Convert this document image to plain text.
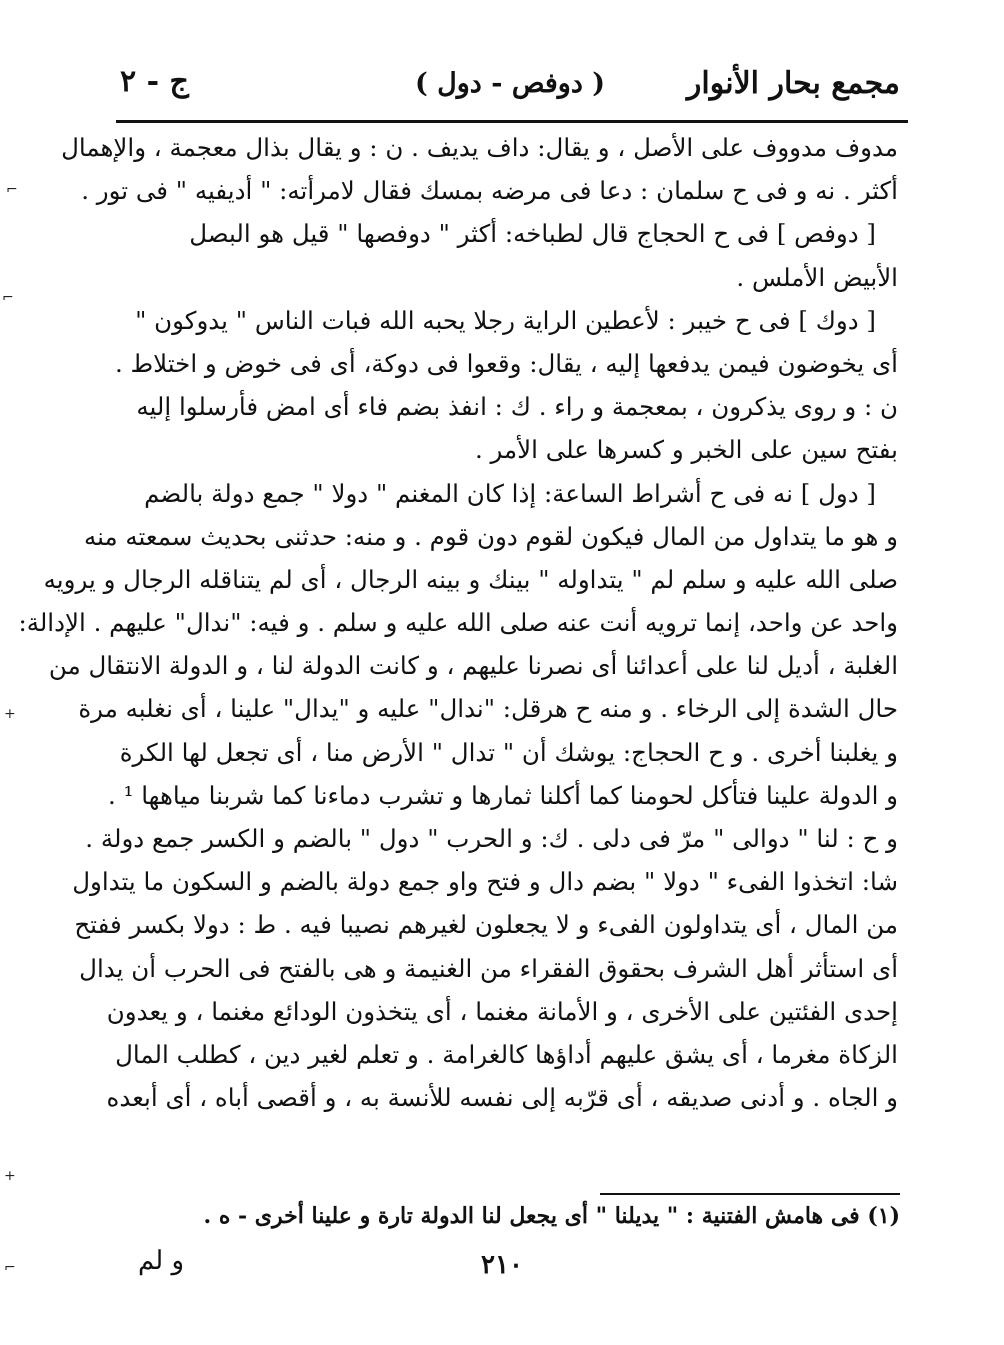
مجمع بحار الأنوار
( دوفص - دول )
ج - ٢
مدوف مدووف على الأصل ، و يقال: داف يديف . ن : و يقال بذال معجمة ، والإهمال
أكثر . نه و فى ح سلمان : دعا فى مرضه بمسك فقال لامرأته: " أديفيه " فى تور .
[ دوفص ] فى ح الحجاج قال لطباخه: أكثر " دوفصها " قيل هو البصل
الأبيض الأملس .
[ دوك ] فى ح خيبر : لأعطين الراية رجلا يحبه الله فبات الناس " يدوكون "
أى يخوضون فيمن يدفعها إليه ، يقال: وقعوا فى دوكة، أى فى خوض و اختلاط .
ن : و روى يذكرون ، بمعجمة و راء . ك : انفذ بضم فاء أى امض فأرسلوا إليه
بفتح سين على الخبر و كسرها على الأمر .
[ دول ] نه فى ح أشراط الساعة: إذا كان المغنم " دولا " جمع دولة بالضم
و هو ما يتداول من المال فيكون لقوم دون قوم . و منه: حدثنى بحديث سمعته منه
صلى الله عليه و سلم لم " يتداوله " بينك و بينه الرجال ، أى لم يتناقله الرجال و يرويه
واحد عن واحد، إنما ترويه أنت عنه صلى الله عليه و سلم . و فيه: "ندال" عليهم . الإدالة:
الغلبة ، أديل لنا على أعدائنا أى نصرنا عليهم ، و كانت الدولة لنا ، و الدولة الانتقال من
حال الشدة إلى الرخاء . و منه ح هرقل: "ندال" عليه و "يدال" علينا ، أى نغلبه مرة
و يغلبنا أخرى . و ح الحجاج: يوشك أن " تدال " الأرض منا ، أى تجعل لها الكرة
و الدولة علينا فتأكل لحومنا كما أكلنا ثمارها و تشرب دماءنا كما شربنا مياهها ¹ .
و ح : لنا " دوالى " مرّ فى دلى . ك: و الحرب " دول " بالضم و الكسر جمع دولة .
شا: اتخذوا الفىء " دولا " بضم دال و فتح واو جمع دولة بالضم و السكون ما يتداول
من المال ، أى يتداولون الفىء و لا يجعلون لغيرهم نصيبا فيه . ط : دولا بكسر ففتح
أى استأثر أهل الشرف بحقوق الفقراء من الغنيمة و هى بالفتح فى الحرب أن يدال
إحدى الفئتين على الأخرى ، و الأمانة مغنما ، أى يتخذون الودائع مغنما ، و يعدون
الزكاة مغرما ، أى يشق عليهم أداؤها كالغرامة . و تعلم لغير دين ، كطلب المال
و الجاه . و أدنى صديقه ، أى قرّبه إلى نفسه للأنسة به ، و أقصى أباه ، أى أبعده
(١) فى هامش الفتنية : " يديلنا " أى يجعل لنا الدولة تارة و علينا أخرى - ه .
٢١٠
و لم
⌐
⌐
+
+
⌐
